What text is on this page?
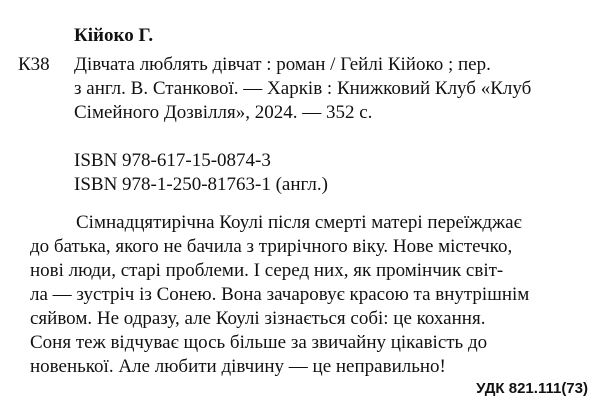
Кійоко Г.
К38 Дівчата люблять дівчат : роман / Гейлі Кійоко ; пер.
з англ. В. Станкової. — Харків : Книжковий Клуб «Клуб
Сімейного Дозвілля», 2024. — 352 с.
ISBN 978-617-15-0874-3
ISBN 978-1-250-81763-1 (англ.)
Сімнадцятирічна Коулі після смерті матері переїжджає
до батька, якого не бачила з трирічного віку. Нове містечко,
нові люди, старі проблеми. І серед них, як промінчик світ-
ла — зустріч із Сонею. Вона зачаровує красою та внутрішнім
сяйвом. Не одразу, але Коулі зізнається собі: це кохання.
Соня теж відчуває щось більше за звичайну цікавість до
новенької. Але любити дівчину — це неправильно!
УДК 821.111(73)
